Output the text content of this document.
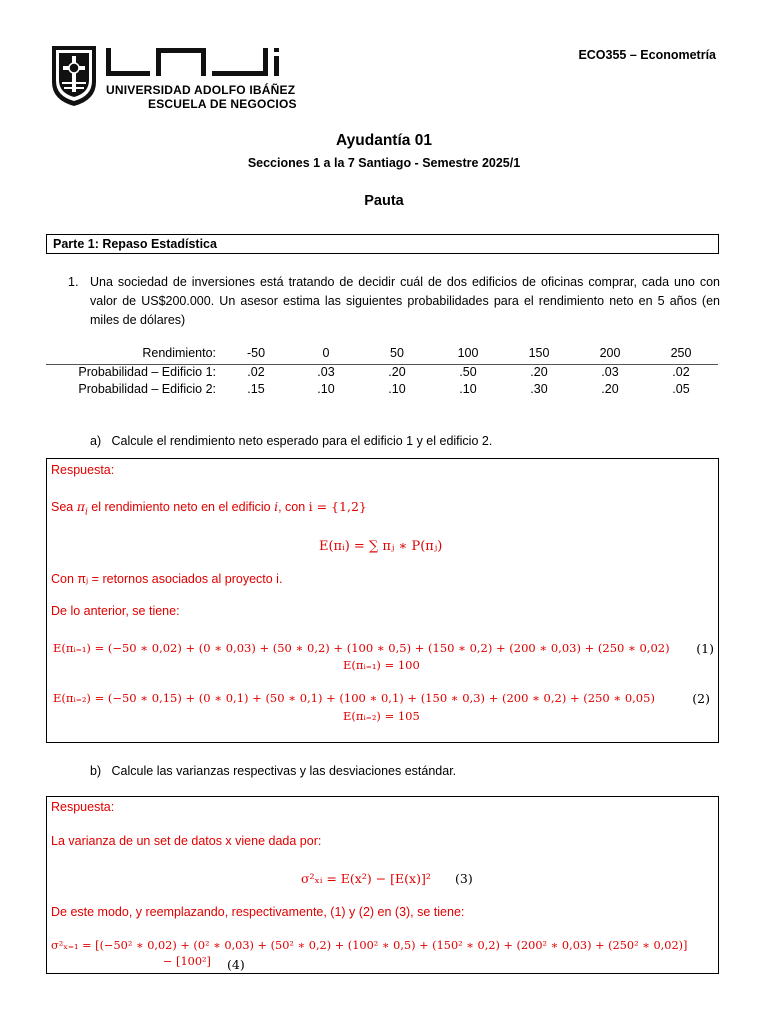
UNIVERSIDAD ADOLFO IBÁÑEZ
ESCUELA DE NEGOCIOS
ECO355 – Econometría
Ayudantía 01
Secciones 1 a la 7 Santiago - Semestre 2025/1
Pauta
Parte 1: Repaso Estadística
1. Una sociedad de inversiones está tratando de decidir cuál de dos edificios de oficinas comprar, cada uno con valor de US$200.000. Un asesor estima las siguientes probabilidades para el rendimiento neto en 5 años (en miles de dólares)
Rendimiento:	-50	0	50	100	150	200	250
Probabilidad – Edificio 1:	.02	.03	.20	.50	.20	.03	.02
Probabilidad – Edificio 2:	.15	.10	.10	.10	.30	.20	.05
a)   Calcule el rendimiento neto esperado para el edificio 1 y el edificio 2.
Respuesta:
Sea $\pi_i$ el rendimiento neto en el edificio i, con i = {1,2}
E(πᵢ) = ∑ πⱼ ∗ P(πⱼ)
Con πⱼ = retornos asociados al proyecto i.
De lo anterior, se tiene:
E(πᵢ₌₁) = (−50 ∗ 0,02) + (0 ∗ 0,03) + (50 ∗ 0,2) + (100 ∗ 0,5) + (150 ∗ 0,2) + (200 ∗ 0,03) + (250 ∗ 0,02) (1)
E(πᵢ₌₁) = 100
E(πᵢ₌₂) = (−50 ∗ 0,15) + (0 ∗ 0,1) + (50 ∗ 0,1) + (100 ∗ 0,1) + (150 ∗ 0,3) + (200 ∗ 0,2) + (250 ∗ 0,05)	(2)
E(πᵢ₌₂) = 105
b)   Calcule las varianzas respectivas y las desviaciones estándar.
Respuesta:
La varianza de un set de datos x viene dada por:
σ²ₓᵢ = E(x²) − [E(x)]² (3)
De este modo, y reemplazando, respectivamente, (1) y (2) en (3), se tiene:
σ²ₓ₌₁ = [(−50² ∗ 0,02) + (0² ∗ 0,03) + (50² ∗ 0,2) + (100² ∗ 0,5) + (150² ∗ 0,2) + (200² ∗ 0,03) + (250² ∗ 0,02)]
− [100²] (4)
